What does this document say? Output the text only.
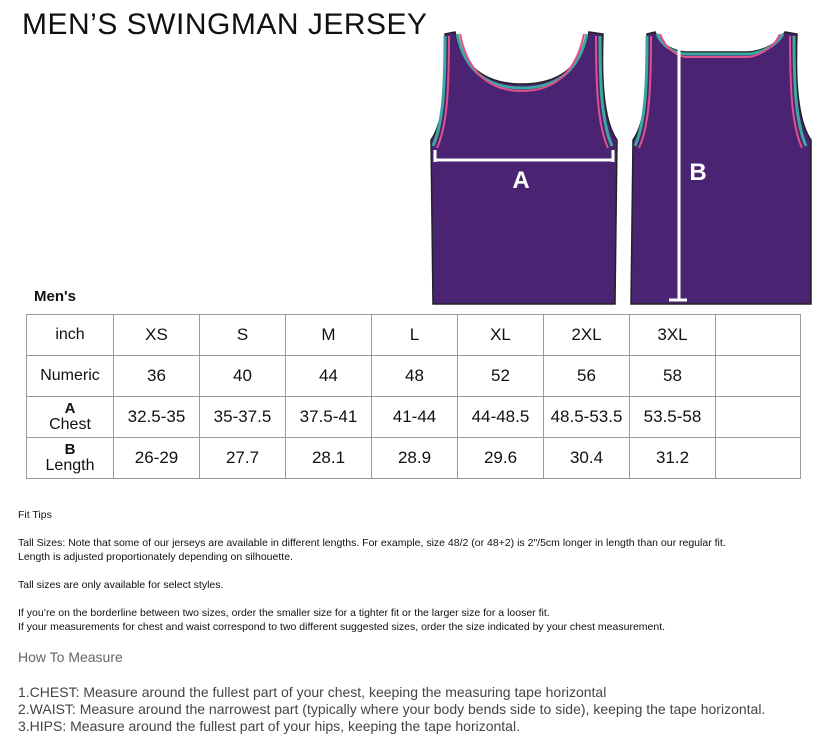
MEN’S SWINGMAN JERSEY
A	B
Men's
inch	XS	S	M	L	XL	2XL	3XL	
Numeric	36	40	44	48	52	56	58	

A
Chest	32.5-35	35-37.5	37.5-41	41-44	44-48.5	48.5-53.5	53.5-58	

B
Length	26-29	27.7	28.1	28.9	29.6	30.4	31.2	

Fit Tips

Tall Sizes: Note that some of our jerseys are available in different lengths. For example, size 48/2 (or 48+2) is 2"/5cm longer in length than our regular fit.

Length is adjusted proportionately depending on silhouette.

Tall sizes are only available for select styles.

If you’re on the borderline between two sizes, order the smaller size for a tighter fit or the larger size for a looser fit.

If your measurements for chest and waist correspond to two different suggested sizes, order the size indicated by your chest measurement.

How To Measure

1.CHEST: Measure around the fullest part of your chest, keeping the measuring tape horizontal

2.WAIST: Measure around the narrowest part (typically where your body bends side to side), keeping the tape horizontal.

3.HIPS: Measure around the fullest part of your hips, keeping the tape horizontal.
